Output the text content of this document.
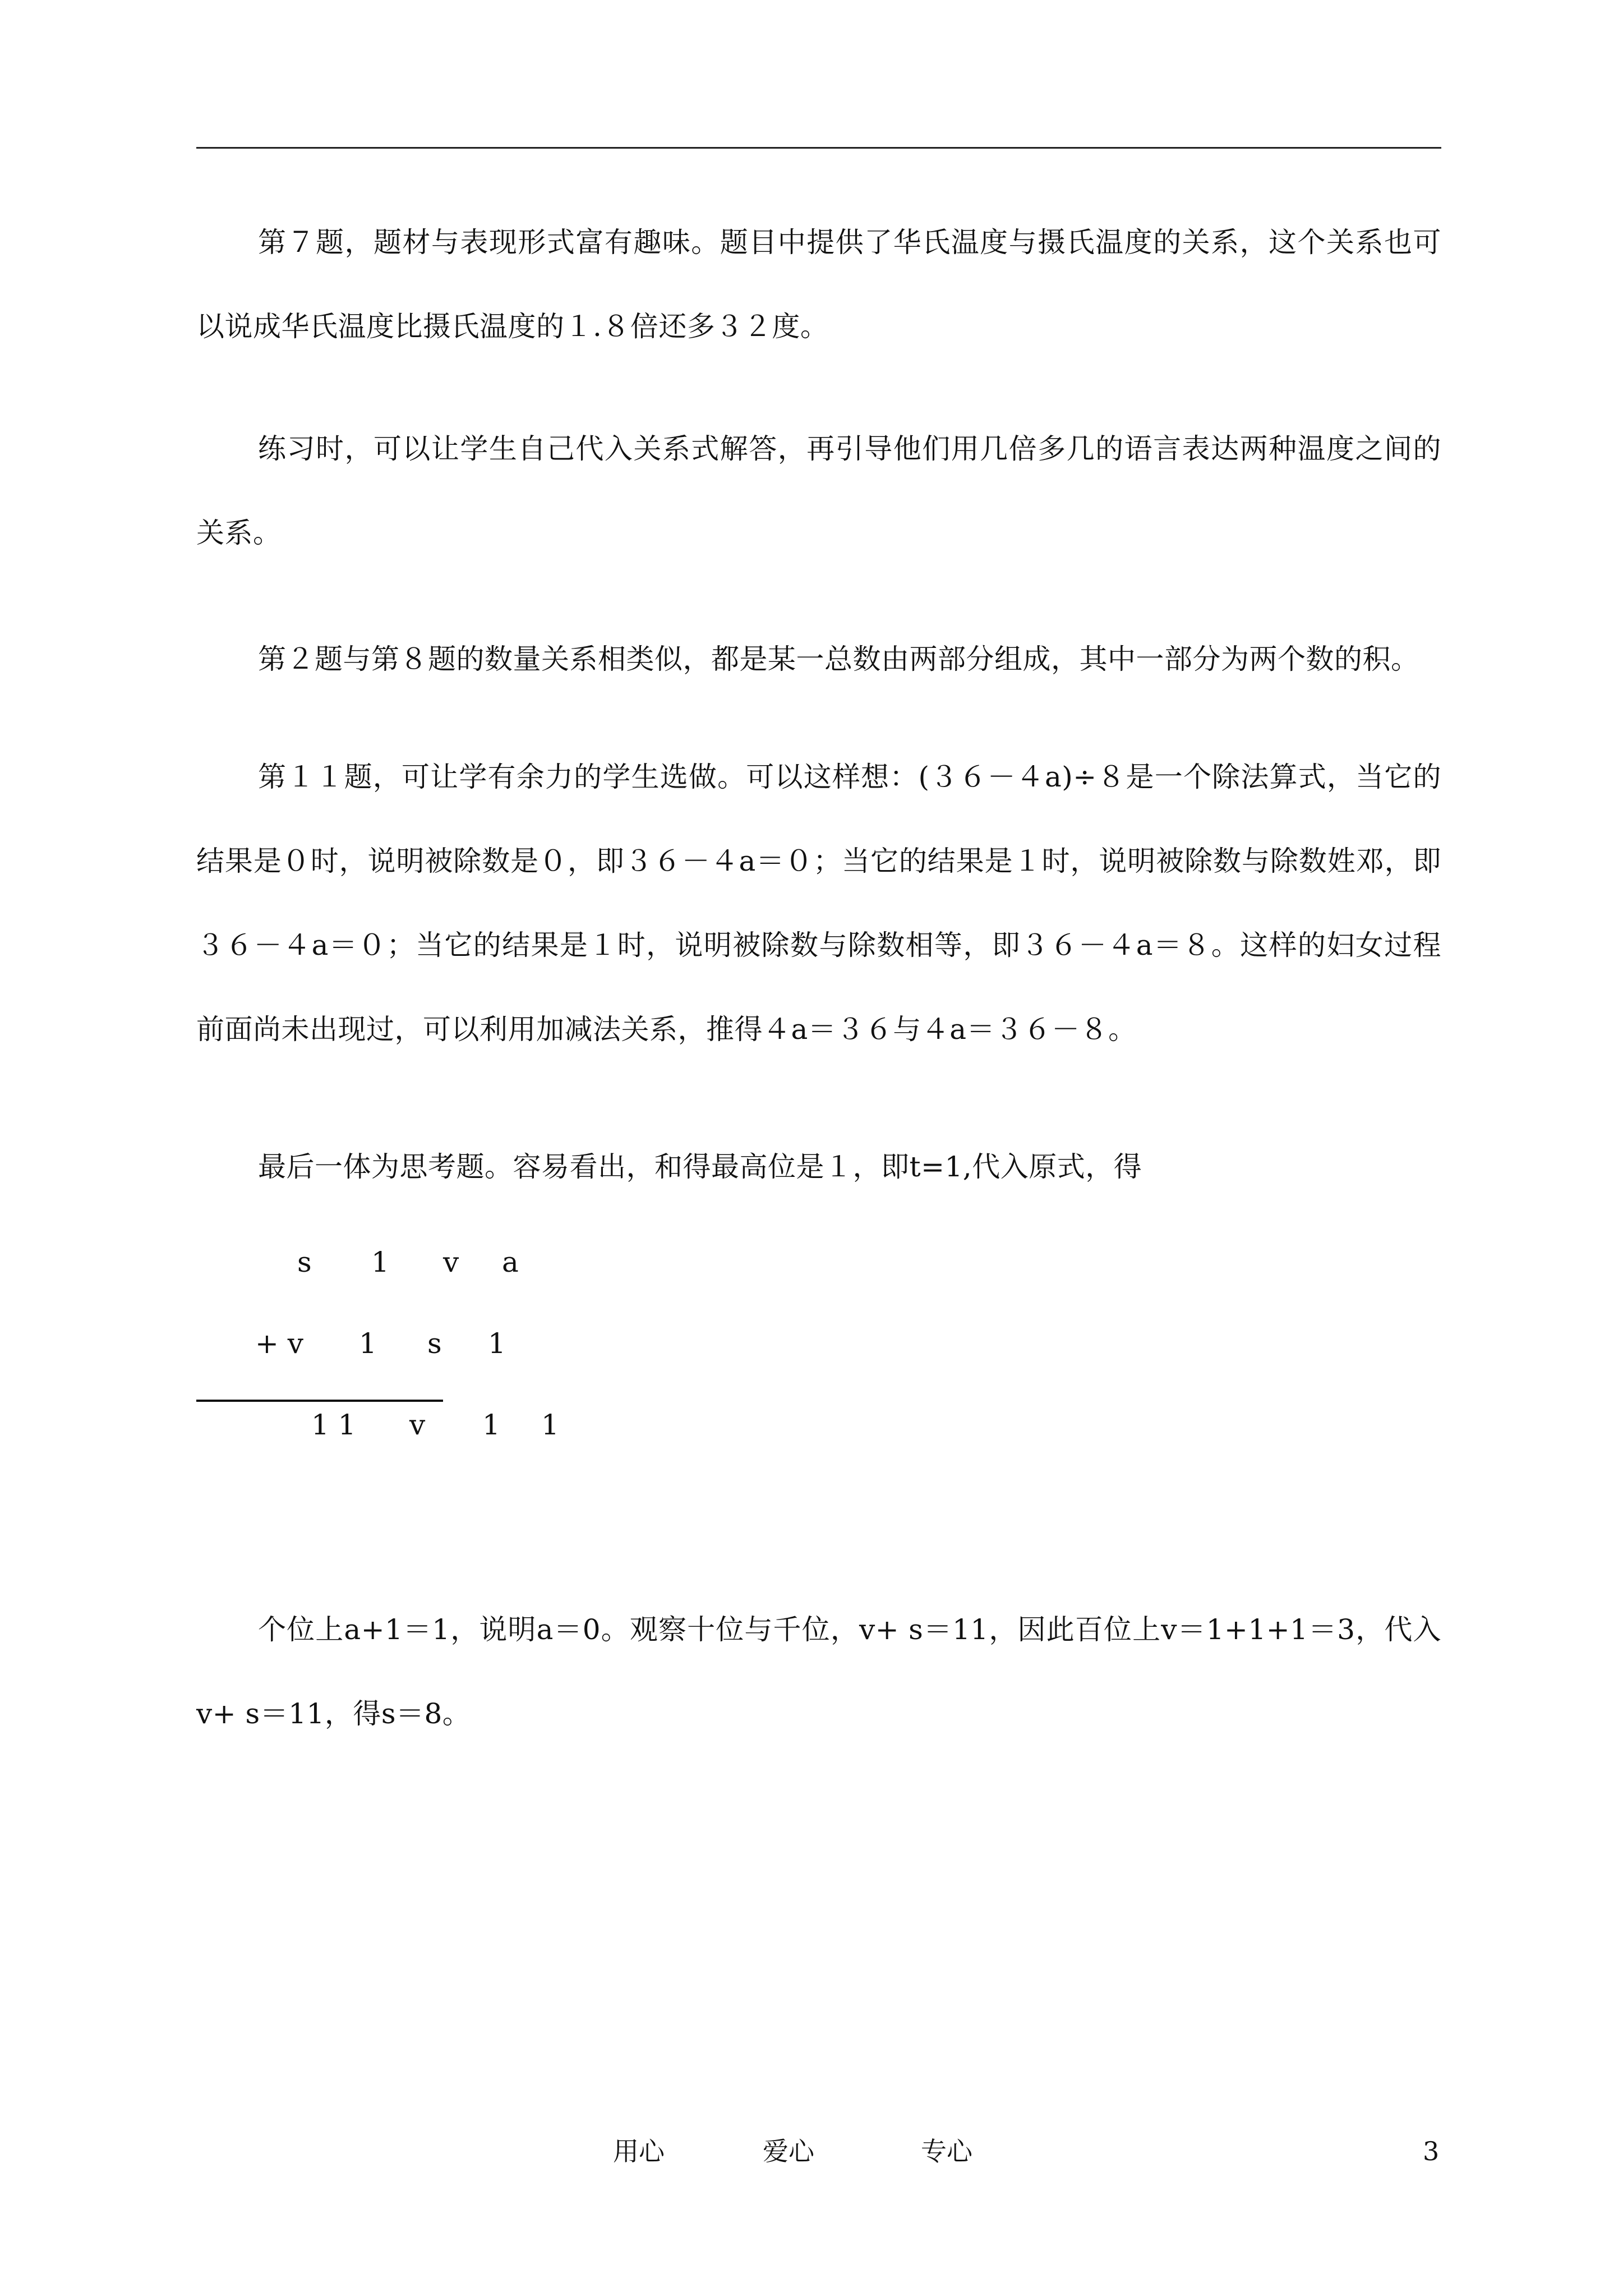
第７题，题材与表现形式富有趣味。题目中提供了华氏温度与摄氏温度的关系，这个关系也可以说成华氏温度比摄氏温度的１.８倍还多３２度。

练习时，可以让学生自己代入关系式解答，再引导他们用几倍多几的语言表达两种温度之间的关系。

第２题与第８题的数量关系相类似，都是某一总数由两部分组成，其中一部分为两个数的积。

第１１题，可让学有余力的学生选做。可以这样想：(３６－４a)÷８是一个除法算式，当它的结果是０时，说明被除数是０，即３６－４a＝０；当它的结果是１时，说明被除数与除数姓邓，即３６－４a＝０；当它的结果是１时，说明被除数与除数相等，即３６－４a＝８。这样的妇女过程前面尚未出现过，可以利用加减法关系，推得４a＝３６与４a＝３６－８。

最后一体为思考题。容易看出，和得最高位是１，即t=1,代入原式，得

s 1 v a
+ v 1 s 1
1 1 v 1 1

个位上a+1＝1，说明a＝0。观察十位与千位，v+ s＝11，因此百位上v＝1+1+1＝3，代入v+ s＝11，得s＝8。

用心	爱心	专心	3
